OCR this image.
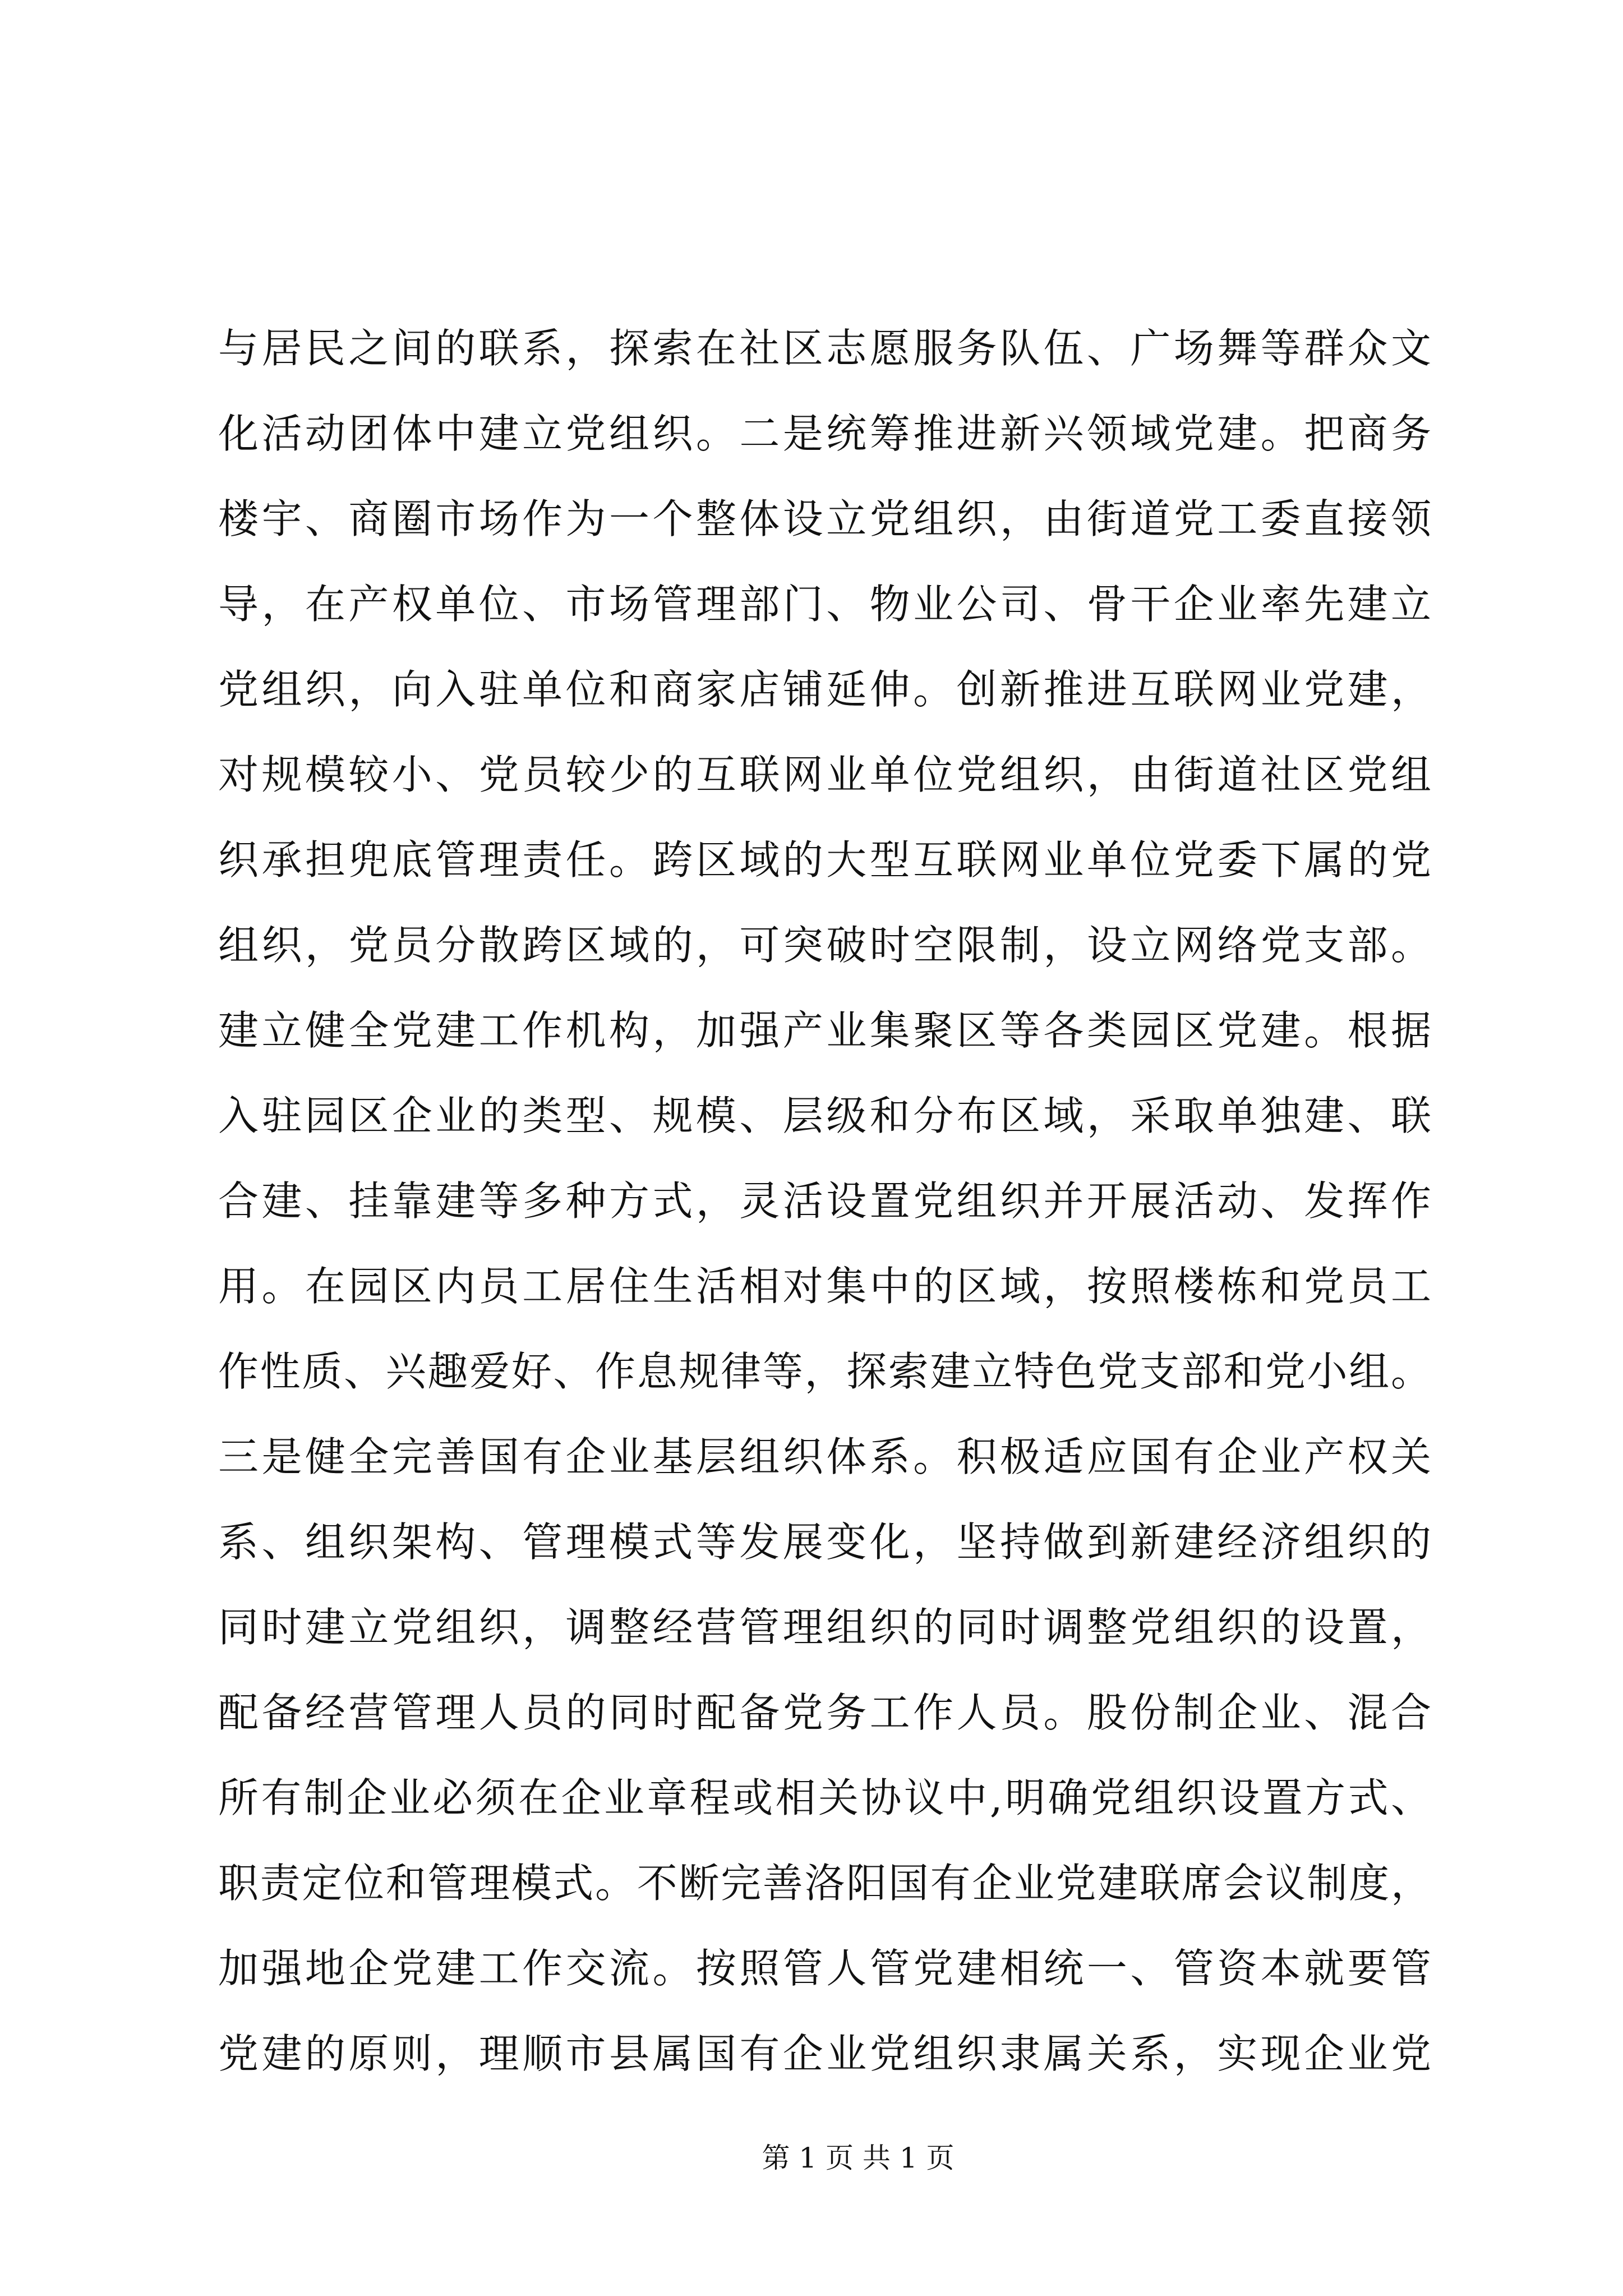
与居民之间的联系，探索在社区志愿服务队伍、广场舞等群众文
化活动团体中建立党组织。二是统筹推进新兴领域党建。把商务
楼宇、商圈市场作为一个整体设立党组织，由街道党工委直接领
导，在产权单位、市场管理部门、物业公司、骨干企业率先建立
党组织，向入驻单位和商家店铺延伸。创新推进互联网业党建，
对规模较小、党员较少的互联网业单位党组织，由街道社区党组
织承担兜底管理责任。跨区域的大型互联网业单位党委下属的党
组织，党员分散跨区域的，可突破时空限制，设立网络党支部。
建立健全党建工作机构，加强产业集聚区等各类园区党建。根据
入驻园区企业的类型、规模、层级和分布区域，采取单独建、联
合建、挂靠建等多种方式，灵活设置党组织并开展活动、发挥作
用。在园区内员工居住生活相对集中的区域，按照楼栋和党员工
作性质、兴趣爱好、作息规律等，探索建立特色党支部和党小组。
三是健全完善国有企业基层组织体系。积极适应国有企业产权关
系、组织架构、管理模式等发展变化，坚持做到新建经济组织的
同时建立党组织，调整经营管理组织的同时调整党组织的设置，
配备经营管理人员的同时配备党务工作人员。股份制企业、混合
所有制企业必须在企业章程或相关协议中,明确党组织设置方式、
职责定位和管理模式。不断完善洛阳国有企业党建联席会议制度，
加强地企党建工作交流。按照管人管党建相统一、管资本就要管
党建的原则，理顺市县属国有企业党组织隶属关系，实现企业党
第 1 页 共 1 页
